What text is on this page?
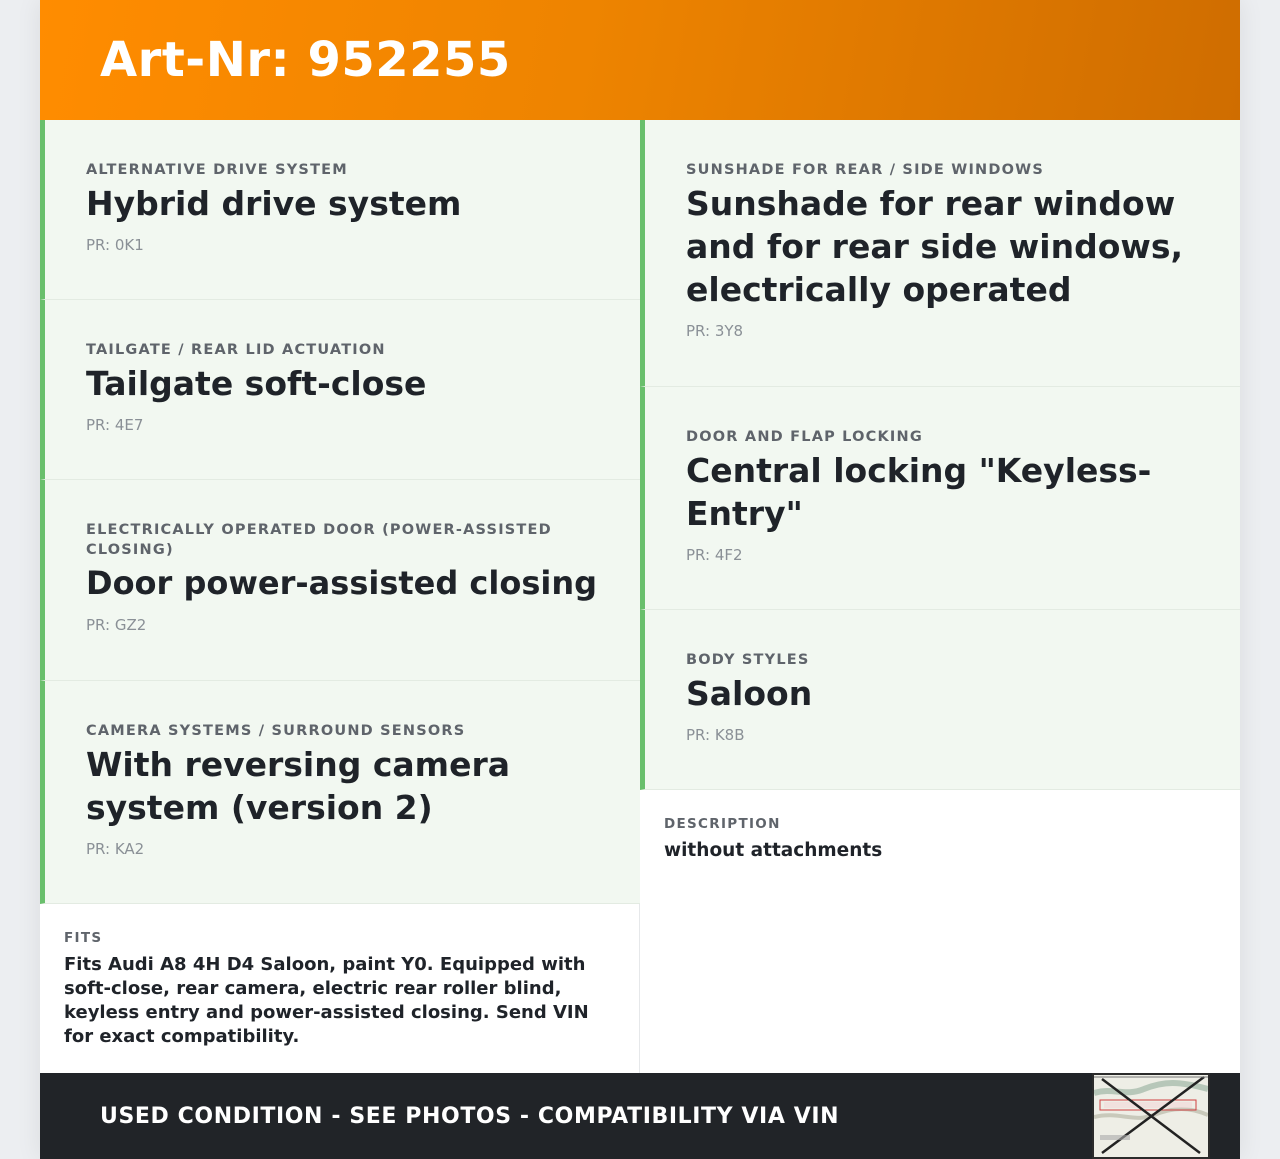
Art-Nr: 952255
ALTERNATIVE DRIVE SYSTEM
Hybrid drive system
PR: 0K1
TAILGATE / REAR LID ACTUATION
Tailgate soft-close
PR: 4E7
ELECTRICALLY OPERATED DOOR (POWER-ASSISTED CLOSING)
Door power-assisted closing
PR: GZ2
CAMERA SYSTEMS / SURROUND SENSORS
With reversing camera system (version 2)
PR: KA2
FITS
Fits Audi A8 4H D4 Saloon, paint Y0. Equipped with soft-close, rear camera, electric rear roller blind, keyless entry and power-assisted closing. Send VIN for exact compatibility.
SUNSHADE FOR REAR / SIDE WINDOWS
Sunshade for rear window and for rear side windows, electrically operated
PR: 3Y8
DOOR AND FLAP LOCKING
Central locking "Keyless-Entry"
PR: 4F2
BODY STYLES
Saloon
PR: K8B
DESCRIPTION
without attachments
USED CONDITION - SEE PHOTOS - COMPATIBILITY VIA VIN
